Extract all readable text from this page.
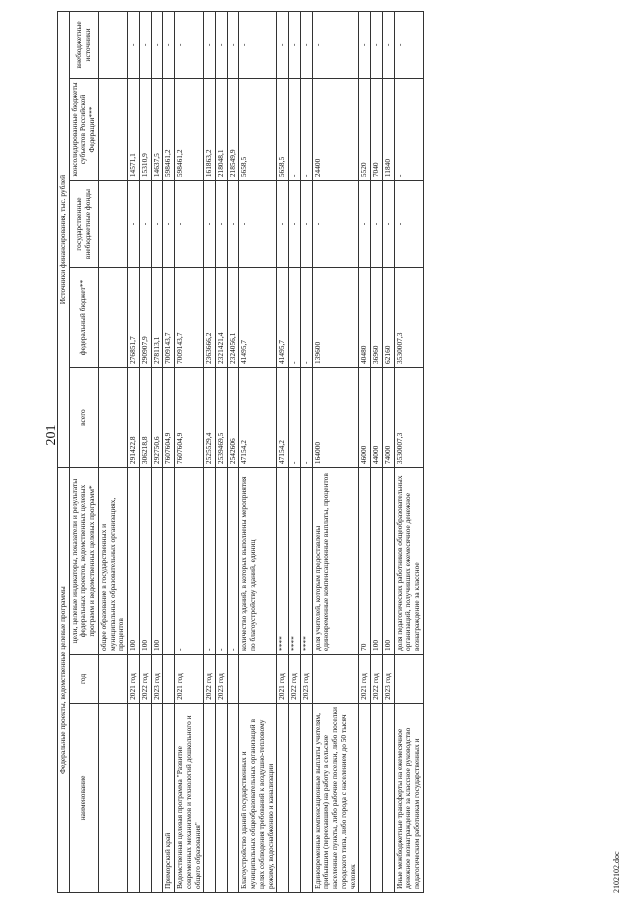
201
Федеральные проекты, ведомственные целевые программы			Источники финансирования, тыс. рублей				
наименование	год	цели, целевые индикаторы, показатели и результаты федеральных проектов, ведомственных целевых программ и ведомственных целевых программ*	всего	федеральный бюджет**	государственные внебюджетные фонды	консолидированные бюджеты субъектов Российской Федерации***	внебюджетные источники
		общее образование в государственных и муниципальных образовательных организациях, процентов					
	2021 год	100	291422,8	276851,7	-	14571,1	-
	2022 год	100	306218,8	290907,9	-	15310,9	-
	2023 год	100	292750,6	278113,1	-	14637,5	-
Приморский край			7607604,9	7009143,7	-	598461,2	-
Ведомственная целевая программа "Развитие современных механизмов и технологий дошкольного и общего образования"	2021 год	-	7607604,9	7009143,7	-	598461,2	-
	2022 год	-	2525529,4	2363666,2	-	161863,2	-
	2023 год	-	2539469,5	2321421,4	-	218048,1	-
		-	2542606	2324056,1	-	218549,9	-
Благоустройство зданий государственных и муниципальных общеобразовательных организаций в целях соблюдения требований к воздушно-тепловому режиму, водоснабжению и канализации		количество зданий, в которых выполнены мероприятия по благоустройству зданий, единиц	47154,2	41495,7	-	5658,5	-
	2021 год	****	47154,2	41495,7	-	5658,5	-
	2022 год	****	-	-	-	-	-
	2023 год	****	-	-	-	-	-
Единовременные компенсационные выплаты учителям, прибывшим (переехавшим) на работу в сельские населенные пункты, либо рабочие поселки, либо поселки городского типа, либо города с населением до 50 тысяч человек		доля учителей, которым предоставлены единовременные компенсационные выплаты, процентов	164000	139600	-	24400	-
	2021 год	70	46000	40480	-	5520	-
	2022 год	100	44000	36960	-	7040	-
	2023 год	100	74000	62160	-	11840	-
Иные межбюджетные трансферты на ежемесячное денежное вознаграждение за классное руководство педагогическим работникам государственных и		доля педагогических работников общеобразовательных организаций, получивших ежемесячное денежное вознаграждение за классное	3530007,3	3530007,3	-	-	-
2102102.doc
